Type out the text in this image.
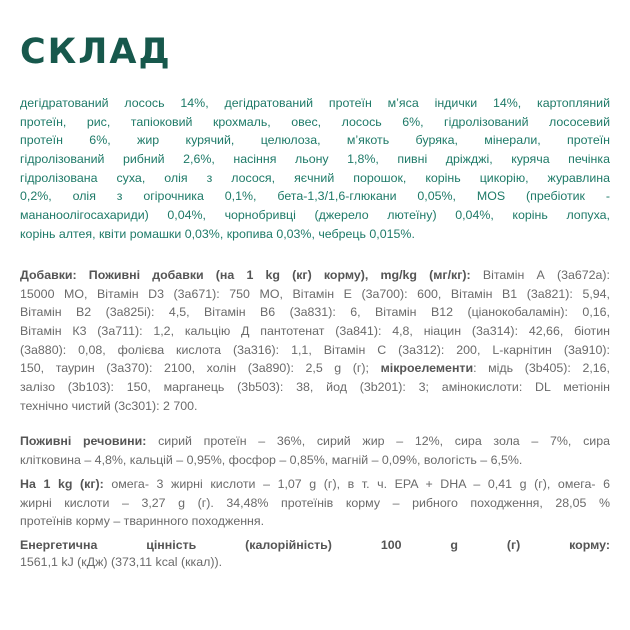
СКЛАД
дегідратований лосось 14%, дегідратований протеїн м’яса індички 14%, картопляний
протеїн, рис, тапіоковий крохмаль, овес, лосось 6%, гідролізований лососевий
протеїн 6%, жир курячий, целюлоза, м’якоть буряка, мінерали, протеїн
гідролізований рибний 2,6%, насіння льону 1,8%, пивні дріжджі, куряча печінка
гідролізована суха, олія з лосося, яєчний порошок, корінь цикорію, журавлина
0,2%, олія з огірочника 0,1%, бета-1,3/1,6-глюкани 0,05%, MOS (пребіотик -
мананоолігосахариди) 0,04%, чорнобривці (джерело лютеїну) 0,04%, корінь лопуха,
корінь алтея, квіти ромашки 0,03%, кропива 0,03%, чебрець 0,015%.
Добавки: Поживні добавки (на 1 kg (кг) корму), mg/kg (мг/кг): Вітамін А (3а672а):
15000 МО, Вітамін D3 (3а671): 750 МО, Вітамін Е (3а700): 600, Вітамін В1 (3а821): 5,94,
Вітамін В2 (3а825і): 4,5, Вітамін В6 (3а831): 6, Вітамін В12 (ціанокобаламін): 0,16,
Вітамін К3 (3а711): 1,2, кальцію Д пантотенат (3а841): 4,8, ніацин (3а314): 42,66, біотин
(3а880): 0,08, фолієва кислота (3а316): 1,1, Вітамін С (3а312): 200, L-карнітин (3а910):
150, таурин (3а370): 2100, холін (3а890): 2,5 g (г); мікроелементи: мідь (3b405): 2,16,
залізо (3b103): 150, марганець (3b503): 38, йод (3b201): 3; амінокислоти: DL метіонін
технічно чистий (3с301): 2 700.
Поживні речовини: сирий протеїн – 36%, сирий жир – 12%, сира зола – 7%, сира
клітковина – 4,8%, кальцій – 0,95%, фосфор – 0,85%, магній – 0,09%, вологість – 6,5%.
На 1 kg (кг): омега- 3 жирні кислоти – 1,07 g (г), в т. ч. EPA + DHA – 0,41 g (г), омега- 6
жирні кислоти – 3,27 g (г). 34,48% протеїнів корму – рибного походження, 28,05 %
протеїнів корму – тваринного походження.
Енергетична цінність (калорійність) 100 g (г) корму:
1561,1 kJ (кДж) (373,11 kcal (ккал)).
